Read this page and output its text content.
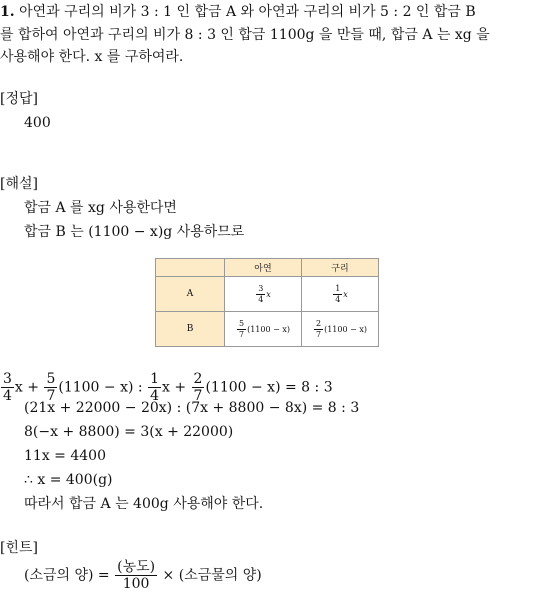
1. 아연과 구리의 비가 3 : 1 인 합금 A 와 아연과 구리의 비가 5 : 2 인 합금 B
를 합하여 아연과 구리의 비가 8 : 3 인 합금 1100g 을 만들 때, 합금 A 는 xg 을
사용해야 한다. x 를 구하여라.
[정답]
400
[해설]
합금 A 를 xg 사용한다면
합금 B 는 (1100 − x)g 사용하므로
	아연	구리
A	$\frac{3}{4}$ x	$\frac{1}{4}$ x
B	$\frac{5}{7} (1100 - x)$	$\frac{2}{7} (1100 - x)$
$\frac{3}{4}$ $x + \frac{5}{7} (1100 - x)$ : $\frac{1}{4}$ $x + \frac{2}{7} (1100 - x) = 8$ : 3
(21x + 22000 − 20x) : (7x + 8800 − 8x) = 8 : 3
8(−x + 8800) = 3(x + 22000)
11x = 4400
∴ x = 400(g)
따라서 합금 A 는 400g 사용해야 한다.
[힌트]
(소금의 양) = $\frac{\text{(농도)}}{100}$ × (소금물의 양)
